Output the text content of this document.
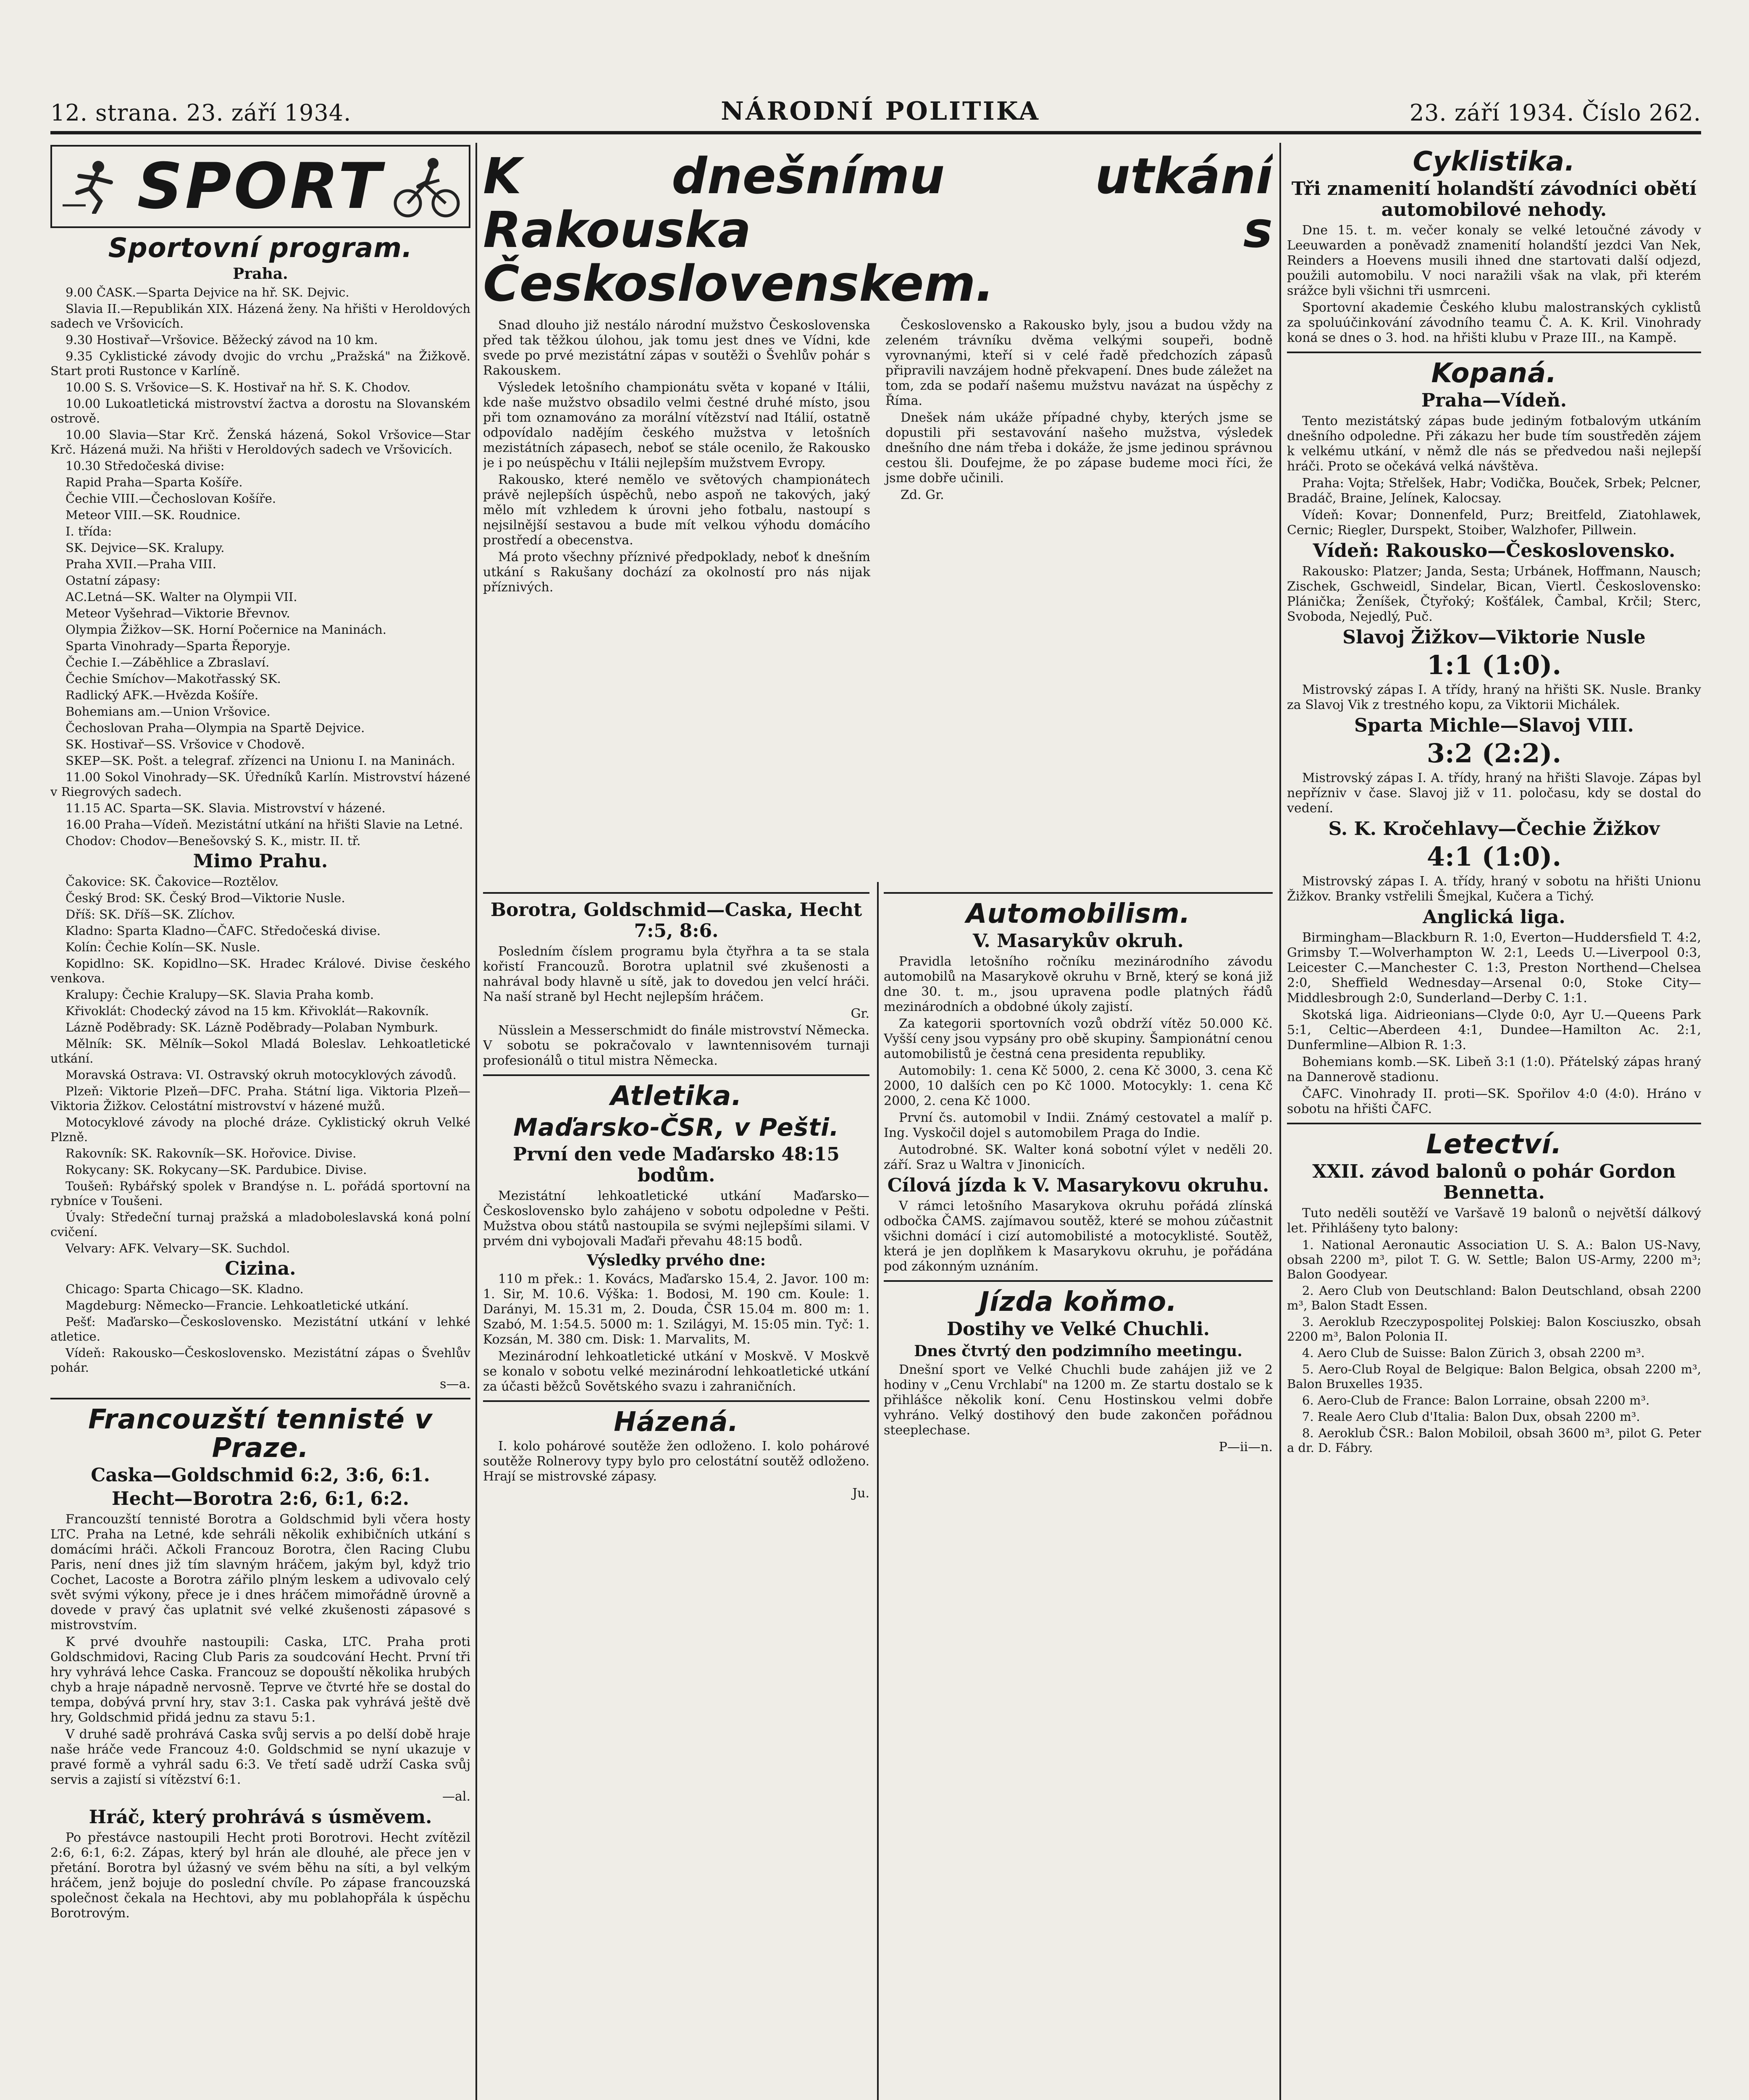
12. strana. 23. září 1934.	NÁRODNÍ POLITIKA	23. září 1934. Číslo 262.
SPORT
Sportovní program.
Praha.

9.00 ČASK.—Sparta Dejvice na hř. SK. Dejvic.

Slavia II.—Republikán XIX. Házená ženy. Na hřišti v Heroldových sadech ve Vršovicích.

9.30 Hostivař—Vršovice. Běžecký závod na 10 km.

9.35 Cyklistické závody dvojic do vrchu „Pražská" na Žižkově. Start proti Rustonce v Karlíně.

10.00 S. S. Vršovice—S. K. Hostivař na hř. S. K. Chodov.

10.00 Lukoatletická mistrovství žactva a dorostu na Slovanském ostrově.

10.00 Slavia—Star Krč. Ženská házená, Sokol Vršovice—Star Krč. Házená muži. Na hřišti v Heroldových sadech ve Vršovicích.

10.30 Středočeská divise:

Rapid Praha—Sparta Košíře.

Čechie VIII.—Čechoslovan Košíře.

Meteor VIII.—SK. Roudnice.

I. třída:

SK. Dejvice—SK. Kralupy.

Praha XVII.—Praha VIII.

Ostatní zápasy:

AC.Letná—SK. Walter na Olympii VII.

Meteor Vyšehrad—Viktorie Břevnov.

Olympia Žižkov—SK. Horní Počernice na Maninách.

Sparta Vinohrady—Sparta Řeporyje.

Čechie I.—Záběhlice a Zbraslaví.

Čechie Smíchov—Makotřasský SK.

Radlický AFK.—Hvězda Košíře.

Bohemians am.—Union Vršovice.

Čechoslovan Praha—Olympia na Spartě Dejvice.

SK. Hostivař—SS. Vršovice v Chodově.

SKEP—SK. Pošt. a telegraf. zřízenci na Unionu I. na Maninách.

11.00 Sokol Vinohrady—SK. Úředníků Karlín. Mistrovství házené v Riegrových sadech.

11.15 AC. Sparta—SK. Slavia. Mistrovství v házené.

16.00 Praha—Vídeň. Mezistátní utkání na hřišti Slavie na Letné.

Chodov: Chodov—Benešovský S. K., mistr. II. tř.

Mimo Prahu.

Čakovice: SK. Čakovice—Roztělov.

Český Brod: SK. Český Brod—Viktorie Nusle.

Dříš: SK. Dříš—SK. Zlíchov.

Kladno: Sparta Kladno—ČAFC. Středočeská divise.

Kolín: Čechie Kolín—SK. Nusle.

Kopidlno: SK. Kopidlno—SK. Hradec Králové. Divise českého venkova.

Kralupy: Čechie Kralupy—SK. Slavia Praha komb.

Křivoklát: Chodecký závod na 15 km. Křivoklát—Rakovník.

Lázně Poděbrady: SK. Lázně Poděbrady—Polaban Nymburk.

Mělník: SK. Mělník—Sokol Mladá Boleslav. Lehkoatletické utkání.

Moravská Ostrava: VI. Ostravský okruh motocyklových závodů.

Plzeň: Viktorie Plzeň—DFC. Praha. Státní liga. Viktoria Plzeň—Viktoria Žižkov. Celostátní mistrovství v házené mužů.

Motocyklové závody na ploché dráze. Cyklistický okruh Velké Plzně.

Rakovník: SK. Rakovník—SK. Hořovice. Divise.

Rokycany: SK. Rokycany—SK. Pardubice. Divise.

Toušeň: Rybářský spolek v Brandýse n. L. pořádá sportovní na rybníce v Toušeni.

Úvaly: Středeční turnaj pražská a mladoboleslavská koná polní cvičení.

Velvary: AFK. Velvary—SK. Suchdol.

Cizina.

Chicago: Sparta Chicago—SK. Kladno.

Magdeburg: Německo—Francie. Lehkoatletické utkání.

Pešť: Maďarsko—Československo. Mezistátní utkání v lehké atletice.

Vídeň: Rakousko—Československo. Mezistátní zápas o Švehlův pohár.

s—a.

Francouzští tennisté v Praze.
Caska—Goldschmid 6:2, 3:6, 6:1.
Hecht—Borotra 2:6, 6:1, 6:2.

Francouzští tennisté Borotra a Goldschmid byli včera hosty LTC. Praha na Letné, kde sehráli několik exhibičních utkání s domácími hráči. Ačkoli Francouz Borotra, člen Racing Clubu Paris, není dnes již tím slavným hráčem, jakým byl, když trio Cochet, Lacoste a Borotra zářilo plným leskem a udivovalo celý svět svými výkony, přece je i dnes hráčem mimořádně úrovně a dovede v pravý čas uplatnit své velké zkušenosti zápasové s mistrovstvím.

K prvé dvouhře nastoupili: Caska, LTC. Praha proti Goldschmidovi, Racing Club Paris za soudcování Hecht. První tři hry vyhrává lehce Caska. Francouz se dopouští několika hrubých chyb a hraje nápadně nervosně. Teprve ve čtvrté hře se dostal do tempa, dobývá první hry, stav 3:1. Caska pak vyhrává ještě dvě hry, Goldschmid přidá jednu za stavu 5:1.

V druhé sadě prohrává Caska svůj servis a po delší době hraje naše hráče vede Francouz 4:0. Goldschmid se nyní ukazuje v pravé formě a vyhrál sadu 6:3. Ve třetí sadě udrží Caska svůj servis a zajistí si vítězství 6:1.

—al.

Hráč, který prohrává s úsměvem.

Po přestávce nastoupili Hecht proti Borotrovi. Hecht zvítězil 2:6, 6:1, 6:2. Zápas, který byl hrán ale dlouhé, ale přece jen v přetání. Borotra byl úžasný ve svém běhu na síti, a byl velkým hráčem, jenž bojuje do poslední chvíle. Po zápase francouzská společnost čekala na Hechtovi, aby mu poblahopřála k úspěchu Borotrovým.

K dnešnímu utkání Rakouska s Československem.

Snad dlouho již nestálo národní mužstvo Československa před tak těžkou úlohou, jak tomu jest dnes ve Vídni, kde svede po prvé mezistátní zápas v soutěži o Švehlův pohár s Rakouskem.

Výsledek letošního championátu světa v kopané v Itálii, kde naše mužstvo obsadilo velmi čestné druhé místo, jsou při tom oznamováno za morální vítězství nad Itálií, ostatně odpovídalo nadějím českého mužstva v letošních mezistátních zápasech, neboť se stále ocenilo, že Rakousko je i po neúspěchu v Itálii nejlepším mužstvem Evropy.

Rakousko, které nemělo ve světových championátech právě nejlepších úspěchů, nebo aspoň ne takových, jaký mělo mít vzhledem k úrovni jeho fotbalu, nastoupí s nejsilnější sestavou a bude mít velkou výhodu domácího prostředí a obecenstva.

Má proto všechny příznivé předpoklady, neboť k dnešním utkání s Rakušany dochází za okolností pro nás nijak příznivých.

Československo a Rakousko byly, jsou a budou vždy na zeleném trávníku dvěma velkými soupeři, bodně vyrovnanými, kteří si v celé řadě předchozích zápasů připravili navzájem hodně překvapení. Dnes bude záležet na tom, zda se podaří našemu mužstvu navázat na úspěchy z Říma.

Dnešek nám ukáže případné chyby, kterých jsme se dopustili při sestavování našeho mužstva, výsledek dnešního dne nám třeba i dokáže, že jsme jedinou správnou cestou šli. Doufejme, že po zápase budeme moci říci, že jsme dobře učinili.

Zd. Gr.

Borotra, Goldschmid—Caska, Hecht 7:5, 8:6.

Posledním číslem programu byla čtyřhra a ta se stala kořistí Francouzů. Borotra uplatnil své zkušenosti a nahrával body hlavně u sítě, jak to dovedou jen velcí hráči. Na naší straně byl Hecht nejlepším hráčem.

Gr.

Nüsslein a Messerschmidt do finále mistrovství Německa. V sobotu se pokračovalo v lawntennisovém turnaji profesionálů o titul mistra Německa.

Atletika.
Maďarsko-ČSR, v Pešti.
První den vede Maďarsko 48:15 bodům.

Mezistátní lehkoatletické utkání Maďarsko—Československo bylo zahájeno v sobotu odpoledne v Pešti. Mužstva obou států nastoupila se svými nejlepšími silami. V prvém dni vybojovali Maďaři převahu 48:15 bodů.

Výsledky prvého dne:

110 m přek.: 1. Kovács, Maďarsko 15.4, 2. Javor. 100 m: 1. Sir, M. 10.6. Výška: 1. Bodosi, M. 190 cm. Koule: 1. Darányi, M. 15.31 m, 2. Douda, ČSR 15.04 m. 800 m: 1. Szabó, M. 1:54.5. 5000 m: 1. Szilágyi, M. 15:05 min. Tyč: 1. Kozsán, M. 380 cm. Disk: 1. Marvalits, M.

Mezinárodní lehkoatletické utkání v Moskvě. V Moskvě se konalo v sobotu velké mezinárodní lehkoatletické utkání za účasti běžců Sovětského svazu i zahraničních.

Házená.

I. kolo pohárové soutěže žen odloženo. I. kolo pohárové soutěže Rolnerovy typy bylo pro celostátní soutěž odloženo. Hrají se mistrovské zápasy.

Ju.

Automobilism.
V. Masarykův okruh.

Pravidla letošního ročníku mezinárodního závodu automobilů na Masarykově okruhu v Brně, který se koná již dne 30. t. m., jsou upravena podle platných řádů mezinárodních a obdobné úkoly zajistí.

Za kategorii sportovních vozů obdrží vítěz 50.000 Kč. Vyšší ceny jsou vypsány pro obě skupiny. Šampionátní cenou automobilistů je čestná cena presidenta republiky.

Automobily: 1. cena Kč 5000, 2. cena Kč 3000, 3. cena Kč 2000, 10 dalších cen po Kč 1000. Motocykly: 1. cena Kč 2000, 2. cena Kč 1000.

První čs. automobil v Indii. Známý cestovatel a malíř p. Ing. Vyskočil dojel s automobilem Praga do Indie.

Autodrobné. SK. Walter koná sobotní výlet v neděli 20. září. Sraz u Waltra v Jinonicích.

Cílová jízda k V. Masarykovu okruhu.

V rámci letošního Masarykova okruhu pořádá zlínská odbočka ČAMS. zajímavou soutěž, které se mohou zúčastnit všichni domácí i cizí automobilisté a motocyklisté. Soutěž, která je jen doplňkem k Masarykovu okruhu, je pořádána pod zákonným uznáním.

Jízda koňmo.
Dostihy ve Velké Chuchli.
Dnes čtvrtý den podzimního meetingu.

Dnešní sport ve Velké Chuchli bude zahájen již ve 2 hodiny v „Cenu Vrchlabí" na 1200 m. Ze startu dostalo se k přihlášce několik koní. Cenu Hostinskou velmi dobře vyhráno. Velký dostihový den bude zakončen pořádnou steeplechase.

P—ii—n.

Cyklistika.
Tři znamenití holandští závodníci obětí automobilové nehody.

Dne 15. t. m. večer konaly se velké letoučné závody v Leeuwarden a poněvadž znamenití holandští jezdci Van Nek, Reinders a Hoevens musili ihned dne startovati další odjezd, použili automobilu. V noci naražili však na vlak, při kterém srážce byli všichni tři usmrceni.

Sportovní akademie Českého klubu malostranských cyklistů za spoluúčinkování závodního teamu Č. A. K. Kril. Vinohrady koná se dnes o 3. hod. na hřišti klubu v Praze III., na Kampě.

Kopaná.
Praha—Vídeň.

Tento mezistátský zápas bude jediným fotbalovým utkáním dnešního odpoledne. Při zákazu her bude tím soustředěn zájem k velkému utkání, v němž dle nás se předvedou naši nejlepší hráči. Proto se očekává velká návštěva.

Praha: Vojta; Střelšek, Habr; Vodička, Bouček, Srbek; Pelcner, Bradáč, Braine, Jelínek, Kalocsay.

Vídeň: Kovar; Donnenfeld, Purz; Breitfeld, Ziatohlawek, Cernic; Riegler, Durspekt, Stoiber, Walzhofer, Pillwein.

Vídeň: Rakousko—Československo.

Rakousko: Platzer; Janda, Sesta; Urbánek, Hoffmann, Nausch; Zischek, Gschweidl, Sindelar, Bican, Viertl. Československo: Plánička; Ženíšek, Čtyřoký; Košťálek, Čambal, Krčil; Sterc, Svoboda, Nejedlý, Puč.

Slavoj Žižkov—Viktorie Nusle
1:1 (1:0).

Mistrovský zápas I. A třídy, hraný na hřišti SK. Nusle. Branky za Slavoj Vik z trestného kopu, za Viktorii Michálek.

Sparta Michle—Slavoj VIII.
3:2 (2:2).

Mistrovský zápas I. A. třídy, hraný na hřišti Slavoje. Zápas byl nepřízniv v čase. Slavoj již v 11. poločasu, kdy se dostal do vedení.

S. K. Kročehlavy—Čechie Žižkov
4:1 (1:0).

Mistrovský zápas I. A. třídy, hraný v sobotu na hřišti Unionu Žižkov. Branky vstřelili Šmejkal, Kučera a Tichý.

Anglická liga.

Birmingham—Blackburn R. 1:0, Everton—Huddersfield T. 4:2, Grimsby T.—Wolverhampton W. 2:1, Leeds U.—Liverpool 0:3, Leicester C.—Manchester C. 1:3, Preston Northend—Chelsea 2:0, Sheffield Wednesday—Arsenal 0:0, Stoke City—Middlesbrough 2:0, Sunderland—Derby C. 1:1.

Skotská liga. Aidrieonians—Clyde 0:0, Ayr U.—Queens Park 5:1, Celtic—Aberdeen 4:1, Dundee—Hamilton Ac. 2:1, Dunfermline—Albion R. 1:3.

Bohemians komb.—SK. Libeň 3:1 (1:0). Přátelský zápas hraný na Dannerově stadionu.

ČAFC. Vinohrady II. proti—SK. Spořilov 4:0 (4:0). Hráno v sobotu na hřišti ČAFC.

Letectví.
XXII. závod balonů o pohár Gordon Bennetta.

Tuto neděli soutěží ve Varšavě 19 balonů o největší dálkový let. Přihlášeny tyto balony:

1. National Aeronautic Association U. S. A.: Balon US-Navy, obsah 2200 m³, pilot T. G. W. Settle; Balon US-Army, 2200 m³; Balon Goodyear.

2. Aero Club von Deutschland: Balon Deutschland, obsah 2200 m³, Balon Stadt Essen.

3. Aeroklub Rzeczypospolitej Polskiej: Balon Kosciuszko, obsah 2200 m³, Balon Polonia II.

4. Aero Club de Suisse: Balon Zürich 3, obsah 2200 m³.

5. Aero-Club Royal de Belgique: Balon Belgica, obsah 2200 m³, Balon Bruxelles 1935.

6. Aero-Club de France: Balon Lorraine, obsah 2200 m³.

7. Reale Aero Club d'Italia: Balon Dux, obsah 2200 m³.

8. Aeroklub ČSR.: Balon Mobiloil, obsah 3600 m³, pilot G. Peter a dr. D. Fábry.
